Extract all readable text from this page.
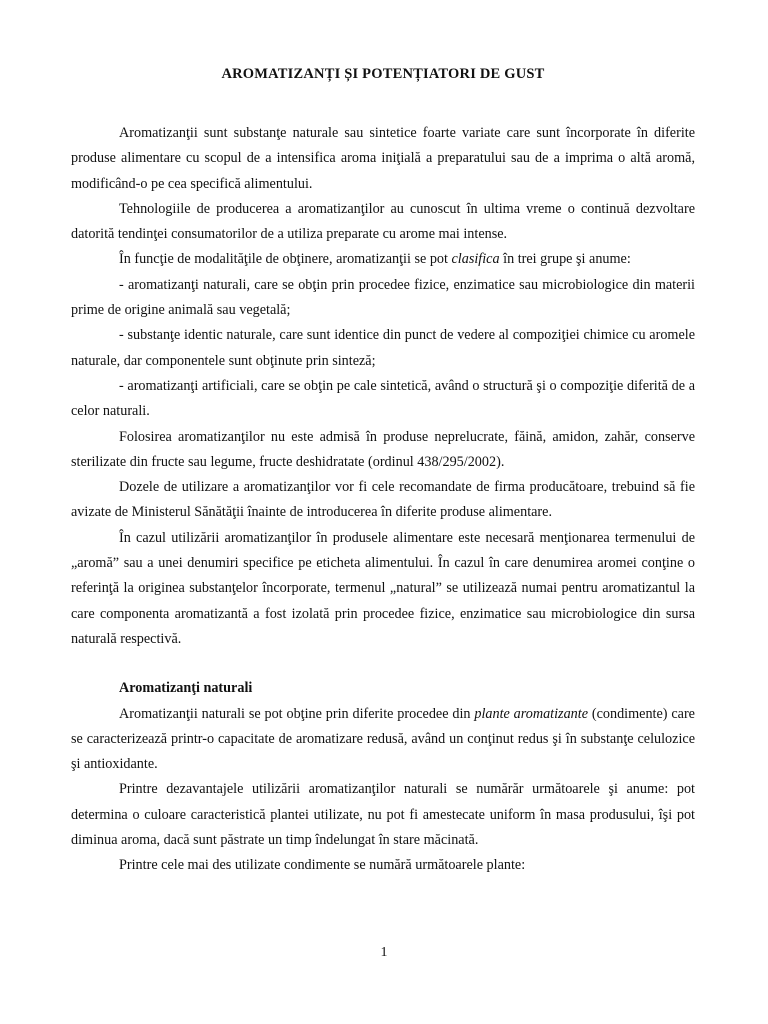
AROMATIZANȚI ȘI POTENȚIATORI DE GUST

Aromatizanţii sunt substanţe naturale sau sintetice foarte variate care sunt încorporate în diferite produse alimentare cu scopul de a intensifica aroma iniţială a preparatului sau de a imprima o altă aromă, modificând-o pe cea specifică alimentului.

Tehnologiile de producerea a aromatizanţilor au cunoscut în ultima vreme o continuă dezvoltare datorită tendinţei consumatorilor de a utiliza preparate cu arome mai intense.

În funcţie de modalităţile de obţinere, aromatizanţii se pot clasifica în trei grupe şi anume:

- aromatizanţi naturali, care se obţin prin procedee fizice, enzimatice sau microbiologice din materii prime de origine animală sau vegetală;

- substanţe identic naturale, care sunt identice din punct de vedere al compoziţiei chimice cu aromele naturale, dar componentele sunt obţinute prin sinteză;

- aromatizanţi artificiali, care se obţin pe cale sintetică, având o structură şi o compoziţie diferită de a celor naturali.

Folosirea aromatizanţilor nu este admisă în produse neprelucrate, făină, amidon, zahăr, conserve sterilizate din fructe sau legume, fructe deshidratate (ordinul 438/295/2002).

Dozele de utilizare a aromatizanţilor vor fi cele recomandate de firma producătoare, trebuind să fie avizate de Ministerul Sănătăţii înainte de introducerea în diferite produse alimentare.

În cazul utilizării aromatizanţilor în produsele alimentare este necesară menţionarea termenului de „aromă” sau a unei denumiri specifice pe eticheta alimentului. În cazul în care denumirea aromei conţine o referinţă la originea substanţelor încorporate, termenul „natural” se utilizează numai pentru aromatizantul la care componenta aromatizantă a fost izolată prin procedee fizice, enzimatice sau microbiologice din sursa naturală respectivă.

Aromatizanţi naturali

Aromatizanţii naturali se pot obţine prin diferite procedee din plante aromatizante (condimente) care se caracterizează printr-o capacitate de aromatizare redusă, având un conţinut redus şi în substanţe celulozice şi antioxidante.

Printre dezavantajele utilizării aromatizanţilor naturali se numărăr următoarele şi anume: pot determina o culoare caracteristică plantei utilizate, nu pot fi amestecate uniform în masa produsului, îşi pot diminua aroma, dacă sunt păstrate un timp îndelungat în stare măcinată.

Printre cele mai des utilizate condimente se numără următoarele plante:

1
